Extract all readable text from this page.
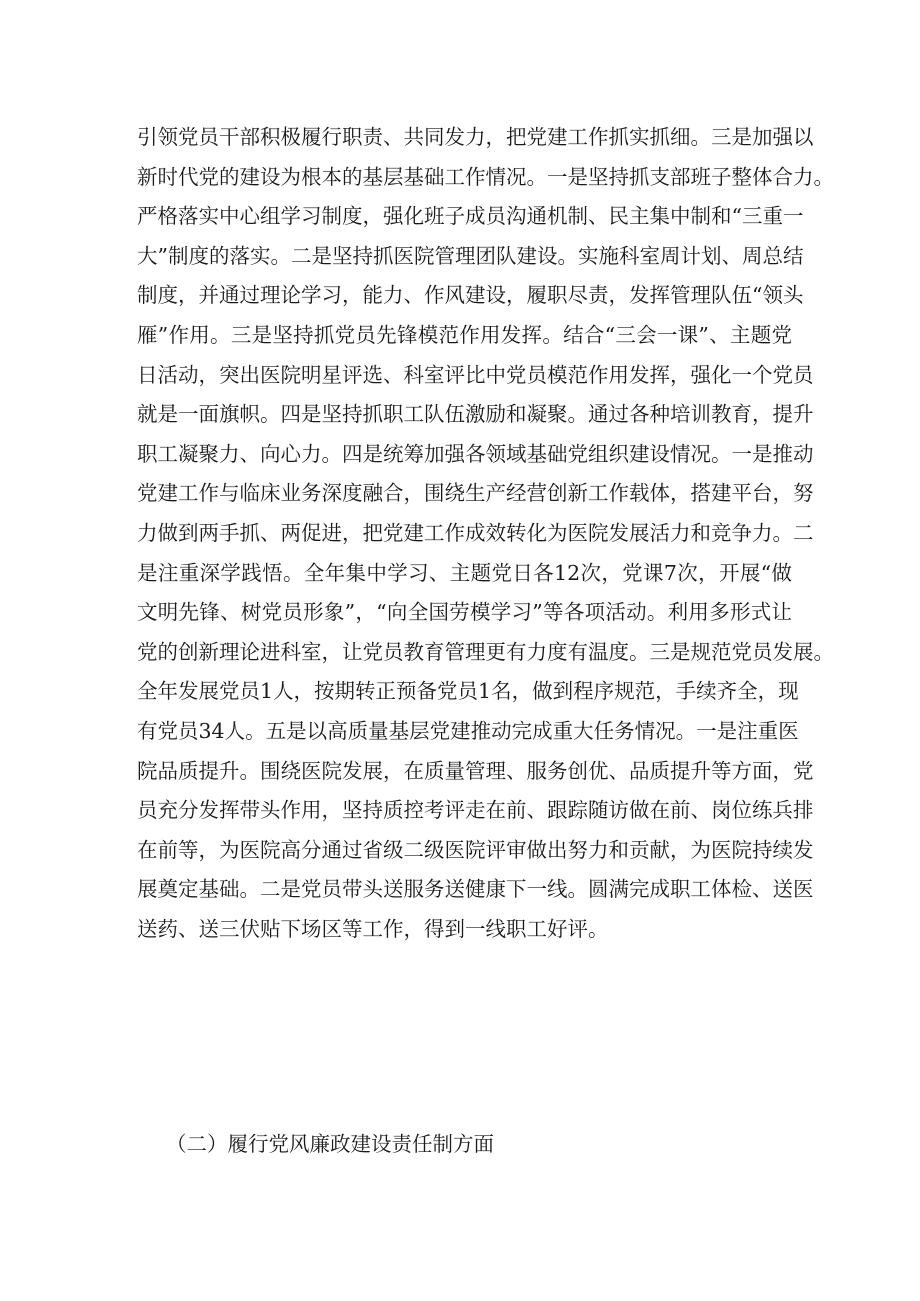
引领党员干部积极履行职责、共同发力，把党建工作抓实抓细。三是加强以
新时代党的建设为根本的基层基础工作情况。一是坚持抓支部班子整体合力。
严格落实中心组学习制度，强化班子成员沟通机制、民主集中制和“三重一
大”制度的落实。二是坚持抓医院管理团队建设。实施科室周计划、周总结
制度，并通过理论学习，能力、作风建设，履职尽责，发挥管理队伍“领头
雁”作用。三是坚持抓党员先锋模范作用发挥。结合“三会一课”、主题党
日活动，突出医院明星评选、科室评比中党员模范作用发挥，强化一个党员
就是一面旗帜。四是坚持抓职工队伍激励和凝聚。通过各种培训教育，提升
职工凝聚力、向心力。四是统筹加强各领域基础党组织建设情况。一是推动
党建工作与临床业务深度融合，围绕生产经营创新工作载体，搭建平台，努
力做到两手抓、两促进，把党建工作成效转化为医院发展活力和竞争力。二
是注重深学践悟。全年集中学习、主题党日各12次，党课7次，开展“做
文明先锋、树党员形象”，“向全国劳模学习”等各项活动。利用多形式让
党的创新理论进科室，让党员教育管理更有力度有温度。三是规范党员发展。
全年发展党员1人，按期转正预备党员1名，做到程序规范，手续齐全，现
有党员34人。五是以高质量基层党建推动完成重大任务情况。一是注重医
院品质提升。围绕医院发展，在质量管理、服务创优、品质提升等方面，党
员充分发挥带头作用，坚持质控考评走在前、跟踪随访做在前、岗位练兵排
在前等，为医院高分通过省级二级医院评审做出努力和贡献，为医院持续发
展奠定基础。二是党员带头送服务送健康下一线。圆满完成职工体检、送医
送药、送三伏贴下场区等工作，得到一线职工好评。
（二）履行党风廉政建设责任制方面
